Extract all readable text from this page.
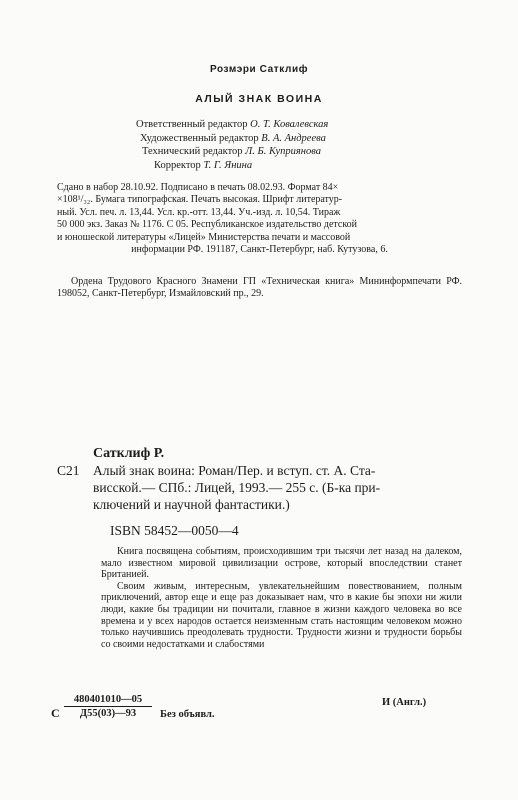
Розмэри Сатклиф
АЛЫЙ ЗНАК ВОИНА
Ответственный редактор О. Т. Ковалевская
Художественный редактор В. А. Андреева
Технический редактор Л. Б. Куприянова
Корректор Т. Г. Янина
Сдано в набор 28.10.92. Подписано в печать 08.02.93. Формат 84×
×108¹/₃₂. Бумага типографская. Печать высокая. Шрифт литератур-
ный. Усл. печ. л. 13,44. Усл. кр.-отт. 13,44. Уч.-изд. л. 10,54. Тираж
50 000 экз. Заказ № 1176. С 05. Республиканское издательство детской
и юношеской литературы «Лицей» Министерства печати и массовой
информации РФ. 191187, Санкт-Петербург, наб. Кутузова, 6.
Ордена Трудового Красного Знамени ГП «Техническая книга» Мининформпечати РФ. 198052, Санкт-Петербург, Измайловский пр., 29.
Сатклиф Р.
С21 Алый знак воина: Роман/Пер. и вступ. ст. А. Ста-
висской.— СПб.: Лицей, 1993.— 255 с. (Б-ка при-
ключений и научной фантастики.)
ISBN 58452—0050—4

Книга посвящена событиям, происходившим три тысячи лет назад на далеком, мало известном мировой цивилизации острове, который впоследствии станет Британией.

Своим живым, интересным, увлекательнейшим повествованием, полным приключений, автор еще и еще раз доказывает нам, что в какие бы эпохи ни жили люди, какие бы традиции ни почитали, главное в жизни каждого человека во все времена и у всех народов остается неизменным стать настоящим человеком можно только научившись преодолевать трудности. Трудности жизни и трудности борьбы со своими недостатками и слабостями

С
480401010—05
Д55(03)—93	Без объявл.
И (Англ.)
